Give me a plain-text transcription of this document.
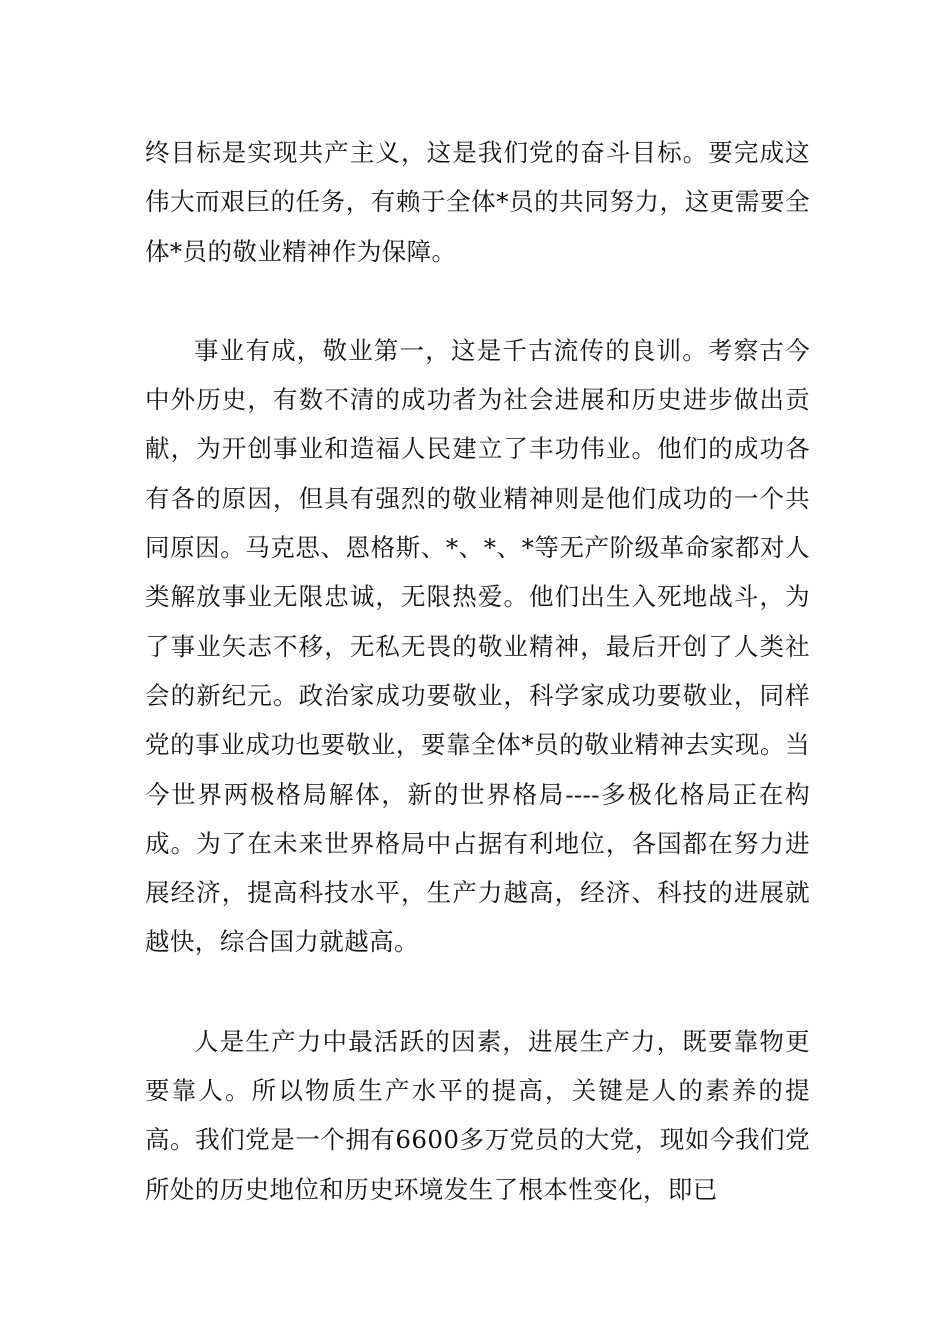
终目标是实现共产主义，这是我们党的奋斗目标。要完成这伟大而艰巨的任务，有赖于全体*员的共同努力，这更需要全体*员的敬业精神作为保障。

事业有成，敬业第一，这是千古流传的良训。考察古今中外历史，有数不清的成功者为社会进展和历史进步做出贡献，为开创事业和造福人民建立了丰功伟业。他们的成功各有各的原因，但具有强烈的敬业精神则是他们成功的一个共同原因。马克思、恩格斯、*、*、*等无产阶级革命家都对人类解放事业无限忠诚，无限热爱。他们出生入死地战斗，为了事业矢志不移，无私无畏的敬业精神，最后开创了人类社会的新纪元。政治家成功要敬业，科学家成功要敬业，同样党的事业成功也要敬业，要靠全体*员的敬业精神去实现。当今世界两极格局解体，新的世界格局----多极化格局正在构成。为了在未来世界格局中占据有利地位，各国都在努力进展经济，提高科技水平，生产力越高，经济、科技的进展就越快，综合国力就越高。

人是生产力中最活跃的因素，进展生产力，既要靠物更要靠人。所以物质生产水平的提高，关键是人的素养的提高。我们党是一个拥有6600多万党员的大党，现如今我们党所处的历史地位和历史环境发生了根本性变化，即已
